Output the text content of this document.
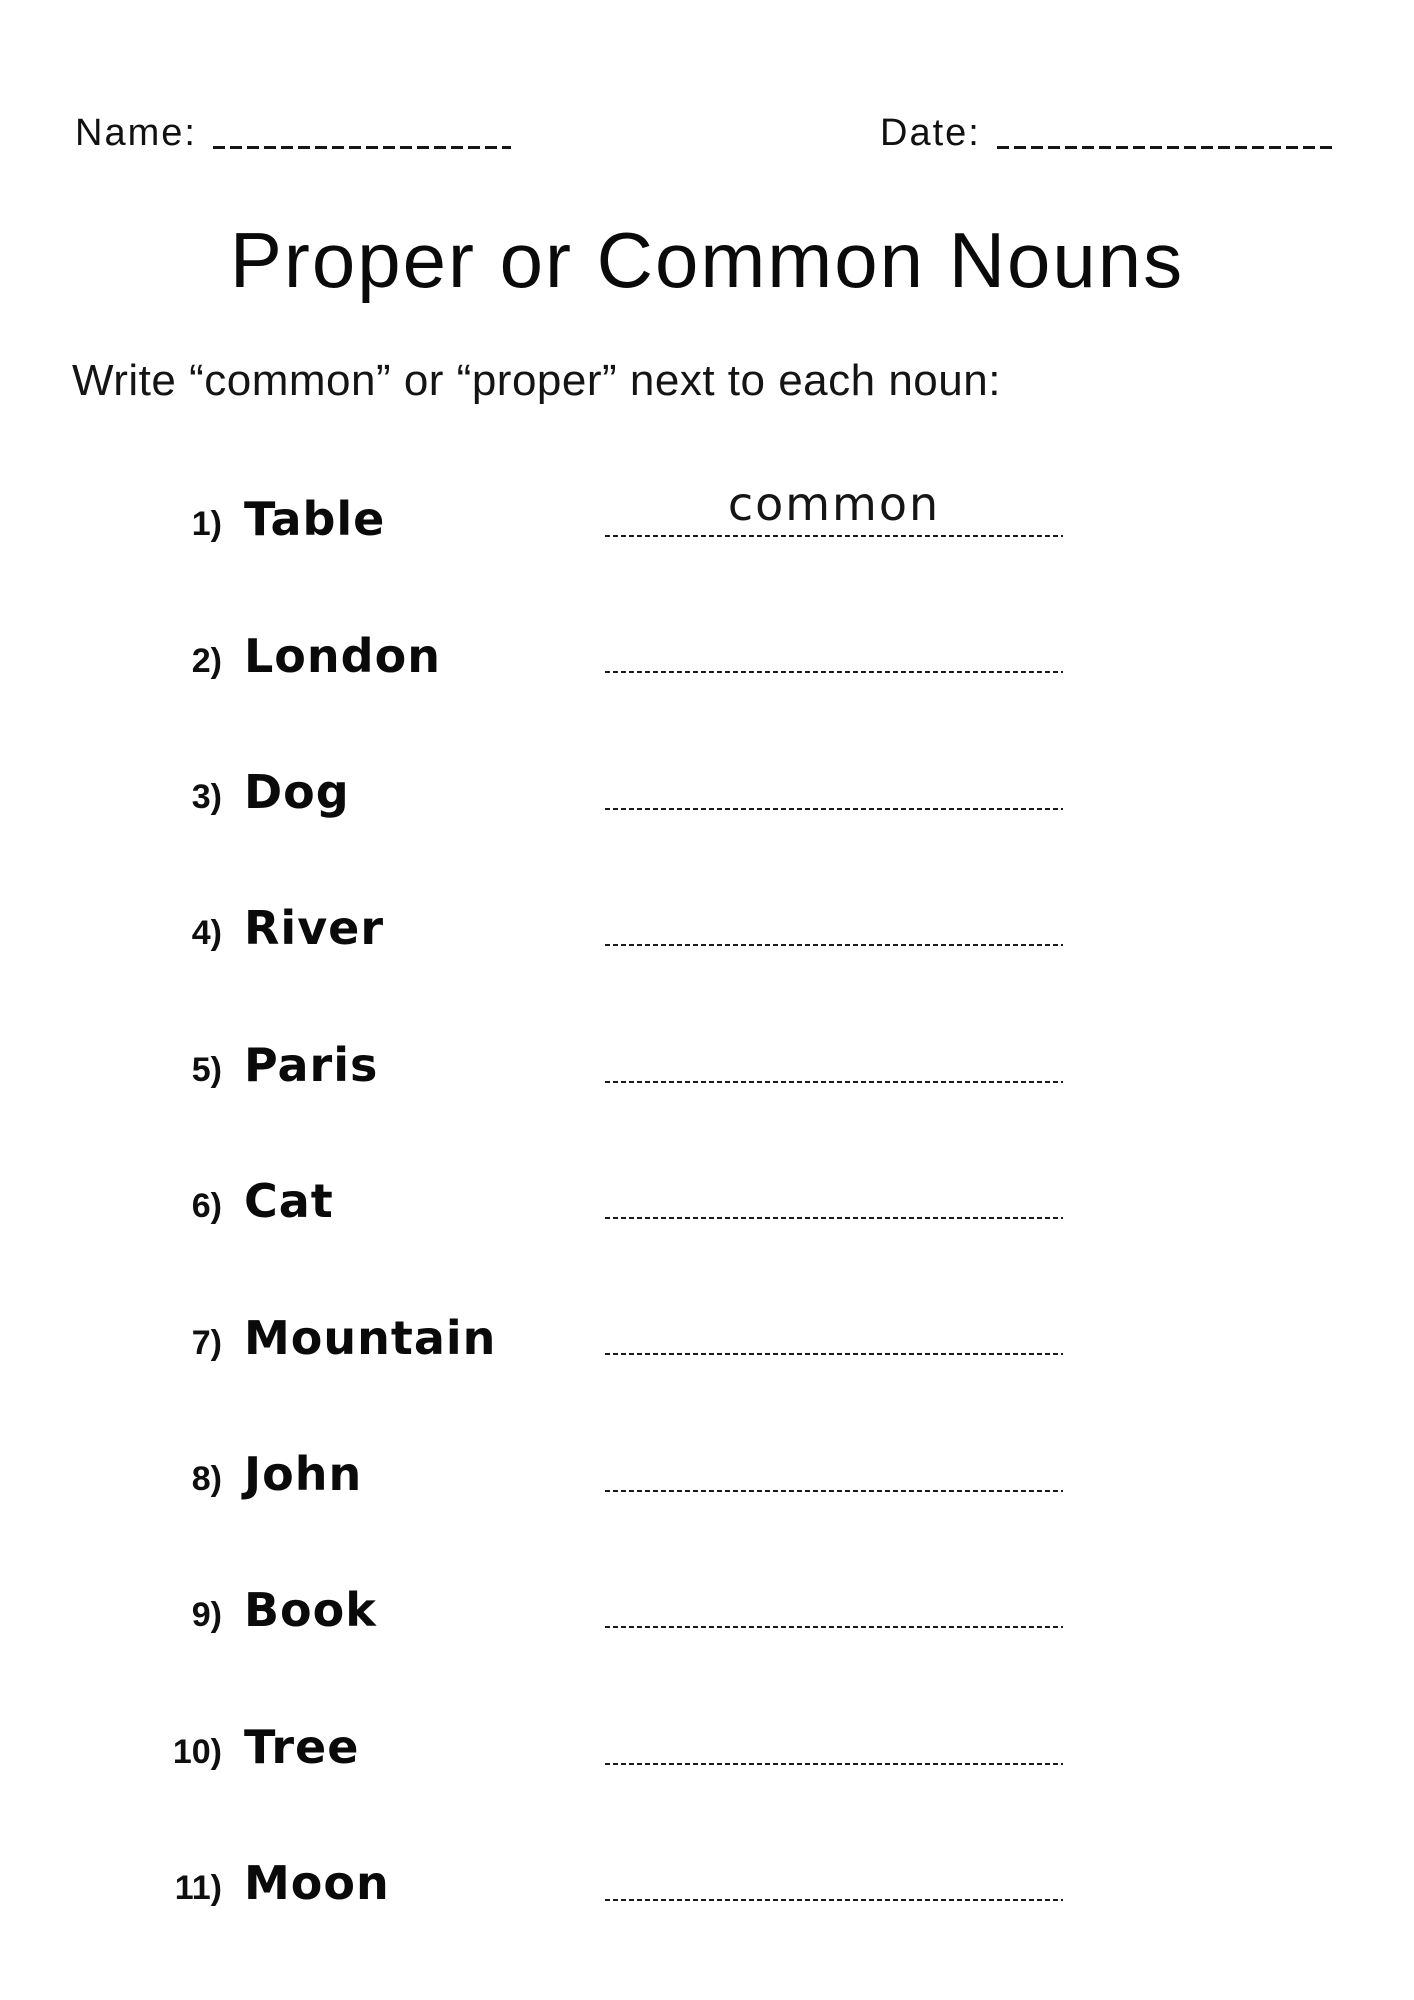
Name:	Date:
Proper or Common Nouns

Write “common” or “proper” next to each noun:

1) Table	common
2) London
3) Dog
4) River
5) Paris
6) Cat
7) Mountain
8) John
9) Book
10) Tree
11) Moon
